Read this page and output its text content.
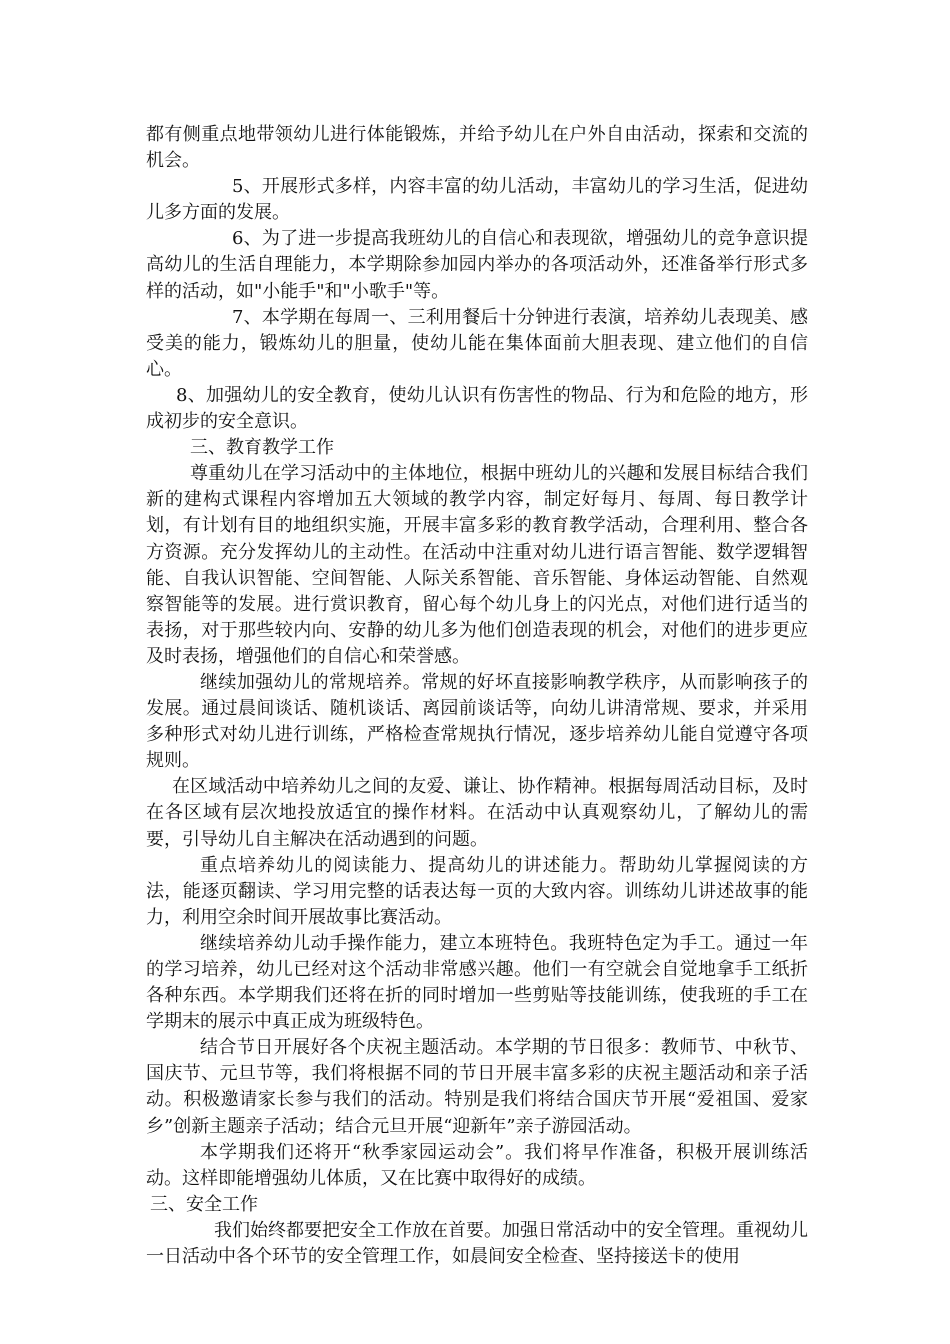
都有侧重点地带领幼儿进行体能锻炼，并给予幼儿在户外自由活动，探索和交流的机会。

5、开展形式多样，内容丰富的幼儿活动，丰富幼儿的学习生活，促进幼儿多方面的发展。

6、为了进一步提高我班幼儿的自信心和表现欲，增强幼儿的竞争意识提高幼儿的生活自理能力，本学期除参加园内举办的各项活动外，还准备举行形式多样的活动，如"小能手"和"小歌手"等。

7、本学期在每周一、三利用餐后十分钟进行表演，培养幼儿表现美、感受美的能力，锻炼幼儿的胆量，使幼儿能在集体面前大胆表现、建立他们的自信心。

8、加强幼儿的安全教育，使幼儿认识有伤害性的物品、行为和危险的地方，形成初步的安全意识。

三、教育教学工作

尊重幼儿在学习活动中的主体地位，根据中班幼儿的兴趣和发展目标结合我们新的建构式课程内容增加五大领域的教学内容，制定好每月、每周、每日教学计划，有计划有目的地组织实施，开展丰富多彩的教育教学活动，合理利用、整合各方资源。充分发挥幼儿的主动性。在活动中注重对幼儿进行语言智能、数学逻辑智能、自我认识智能、空间智能、人际关系智能、音乐智能、身体运动智能、自然观察智能等的发展。进行赏识教育，留心每个幼儿身上的闪光点，对他们进行适当的表扬，对于那些较内向、安静的幼儿多为他们创造表现的机会，对他们的进步更应及时表扬，增强他们的自信心和荣誉感。

继续加强幼儿的常规培养。常规的好坏直接影响教学秩序，从而影响孩子的发展。通过晨间谈话、随机谈话、离园前谈话等，向幼儿讲清常规、要求，并采用多种形式对幼儿进行训练，严格检查常规执行情况，逐步培养幼儿能自觉遵守各项规则。

在区域活动中培养幼儿之间的友爱、谦让、协作精神。根据每周活动目标，及时在各区域有层次地投放适宜的操作材料。在活动中认真观察幼儿，了解幼儿的需要，引导幼儿自主解决在活动遇到的问题。

重点培养幼儿的阅读能力、提高幼儿的讲述能力。帮助幼儿掌握阅读的方法，能逐页翻读、学习用完整的话表达每一页的大致内容。训练幼儿讲述故事的能力，利用空余时间开展故事比赛活动。

继续培养幼儿动手操作能力，建立本班特色。我班特色定为手工。通过一年的学习培养，幼儿已经对这个活动非常感兴趣。他们一有空就会自觉地拿手工纸折各种东西。本学期我们还将在折的同时增加一些剪贴等技能训练，使我班的手工在学期末的展示中真正成为班级特色。

结合节日开展好各个庆祝主题活动。本学期的节日很多：教师节、中秋节、国庆节、元旦节等，我们将根据不同的节日开展丰富多彩的庆祝主题活动和亲子活动。积极邀请家长参与我们的活动。特别是我们将结合国庆节开展“爱祖国、爱家乡”创新主题亲子活动；结合元旦开展“迎新年”亲子游园活动。

本学期我们还将开“秋季家园运动会”。我们将早作准备，积极开展训练活动。这样即能增强幼儿体质，又在比赛中取得好的成绩。

三、安全工作

我们始终都要把安全工作放在首要。加强日常活动中的安全管理。重视幼儿一日活动中各个环节的安全管理工作，如晨间安全检查、坚持接送卡的使用
